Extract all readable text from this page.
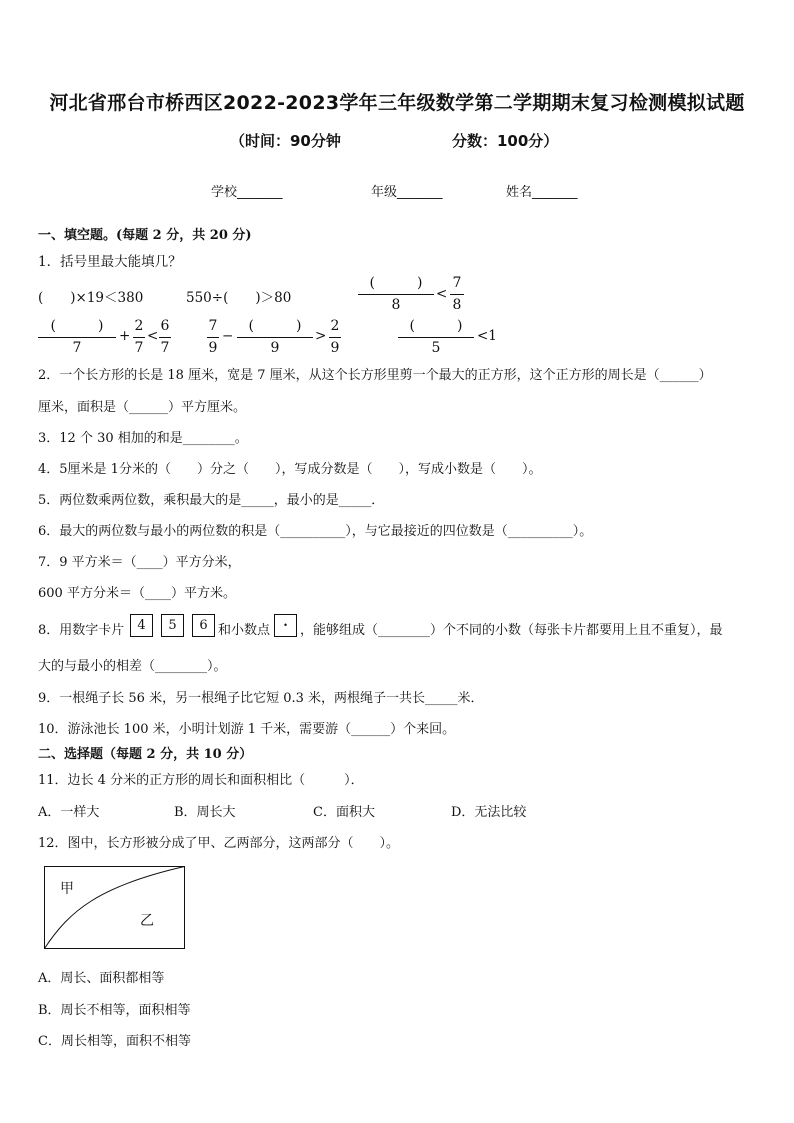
河北省邢台市桥西区2022-2023学年三年级数学第二学期期末复习检测模拟试题
（时间：90分钟	分数：100分）
学校_______	年级_______	姓名_______
一、填空题。(每题 2 分，共 20 分)
1．括号里最大能填几？
(　　)×19＜380	550÷(　　)＞80
(　　　)
8
<
7
8
(　　　)
7
+
2
7
<
6
7
7
9
−
(　　　)
9
>
2
9
(　　　)
5
<1
2．一个长方形的长是 18 厘米，宽是 7 厘米，从这个长方形里剪一个最大的正方形，这个正方形的周长是（______）
厘米，面积是（______）平方厘米。
3．12 个 30 相加的和是________。
4．5厘米是 1分米的（　　）分之（　　），写成分数是（　　），写成小数是（　　）。
5．两位数乘两位数，乘积最大的是_____，最小的是_____．
6．最大的两位数与最小的两位数的积是（__________），与它最接近的四位数是（__________）。
7．9 平方米＝（____）平方分米，
600 平方分米＝（____）平方米。
8．用数字卡片	4	5	6 和小数点
.
，能够组成（________）个不同的小数（每张卡片都要用上且不重复），最
大的与最小的相差（________）。
9．一根绳子长 56 米，另一根绳子比它短 0.3 米，两根绳子一共长_____米．
10．游泳池长 100 米，小明计划游 1 千米，需要游（______）个来回。
二、选择题（每题 2 分，共 10 分）
11．边长 4 分米的正方形的周长和面积相比（　　　）．
A．一样大	B．周长大	C．面积大	D．无法比较
12．图中，长方形被分成了甲、乙两部分，这两部分（　　）。
甲
乙
A．周长、面积都相等
B．周长不相等，面积相等
C．周长相等，面积不相等
